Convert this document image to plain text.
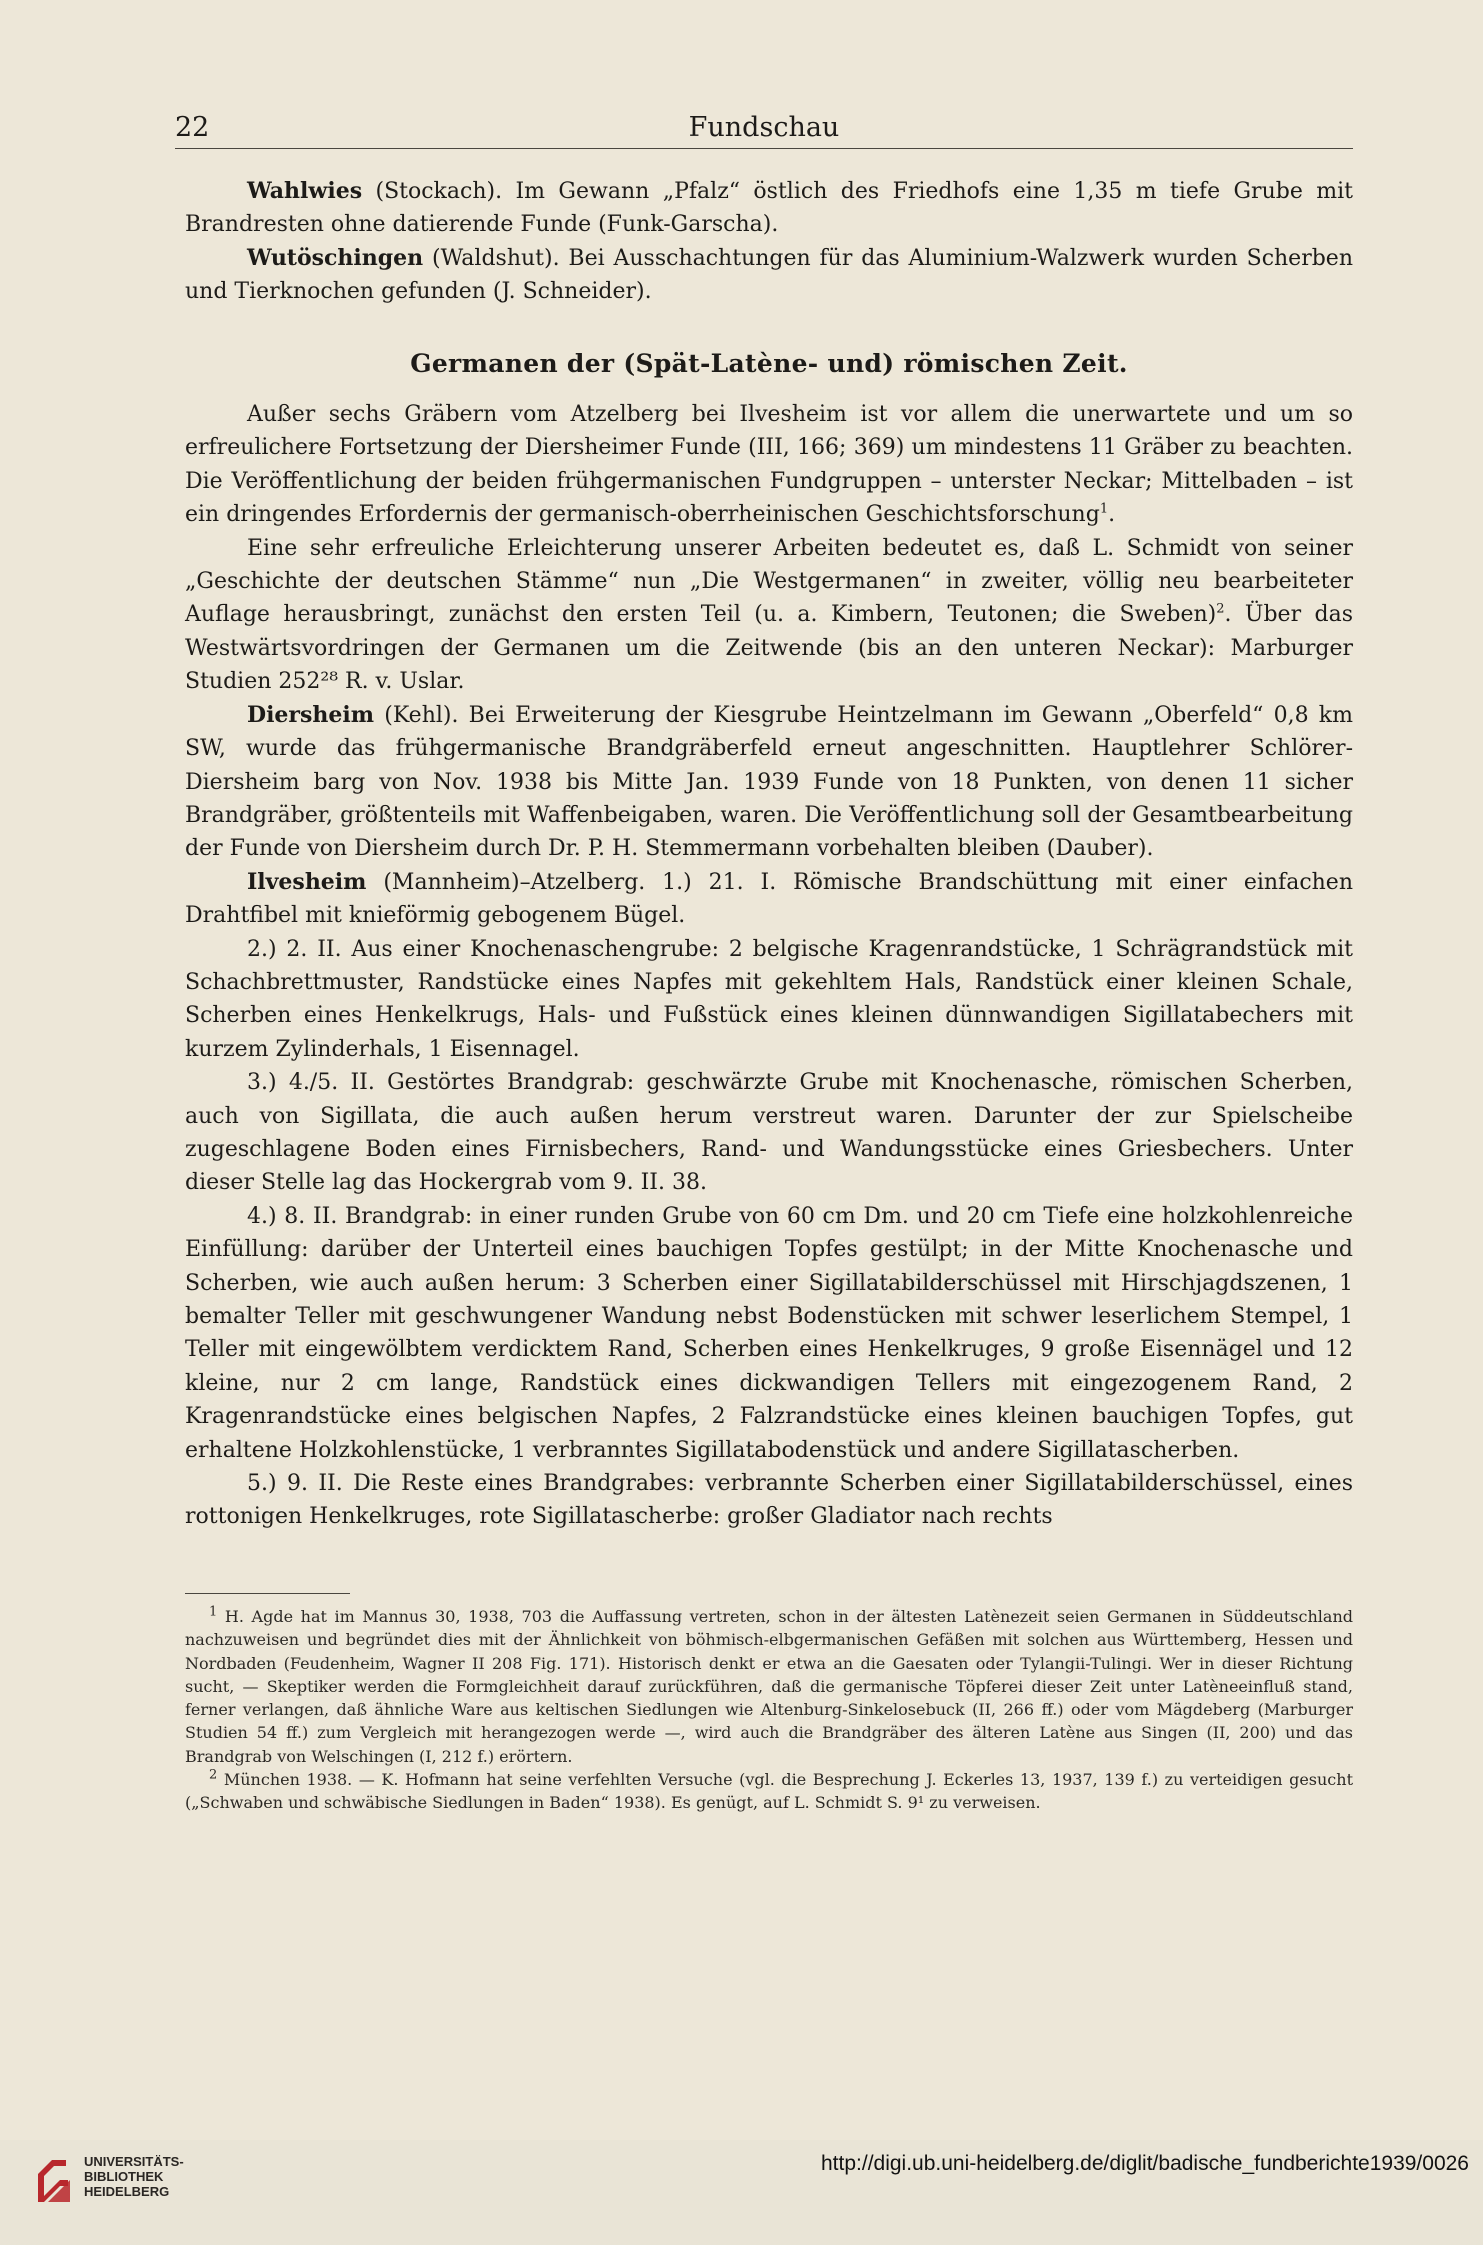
22	Fundschau

Wahlwies (Stockach). Im Gewann „Pfalz“ östlich des Friedhofs eine 1,35 m tiefe Grube mit Brandresten ohne datierende Funde (Funk-Garscha).

Wutöschingen (Waldshut). Bei Ausschachtungen für das Aluminium-Walzwerk wurden Scherben und Tierknochen gefunden (J. Schneider).

Germanen der (Spät-Latène- und) römischen Zeit.

Außer sechs Gräbern vom Atzelberg bei Ilvesheim ist vor allem die unerwartete und um so erfreulichere Fortsetzung der Diersheimer Funde (III, 166; 369) um mindestens 11 Gräber zu beachten. Die Veröffentlichung der beiden frühgermanischen Fundgruppen – unterster Neckar; Mittelbaden – ist ein dringendes Erfordernis der germanisch-oberrheinischen Geschichtsforschung$^1$.

Eine sehr erfreuliche Erleichterung unserer Arbeiten bedeutet es, daß L. Schmidt von seiner „Geschichte der deutschen Stämme“ nun „Die Westgermanen“ in zweiter, völlig neu bearbeiteter Auflage herausbringt, zunächst den ersten Teil (u. a. Kimbern, Teutonen; die Sweben)$^2$. Über das Westwärtsvordringen der Germanen um die Zeitwende (bis an den unteren Neckar): Marburger Studien 252²⁸ R. v. Uslar.

Diersheim (Kehl). Bei Erweiterung der Kiesgrube Heintzelmann im Gewann „Oberfeld“ 0,8 km SW, wurde das frühgermanische Brandgräberfeld erneut angeschnitten. Hauptlehrer Schlörer-Diersheim barg von Nov. 1938 bis Mitte Jan. 1939 Funde von 18 Punkten, von denen 11 sicher Brandgräber, größtenteils mit Waffenbeigaben, waren. Die Veröffentlichung soll der Gesamtbearbeitung der Funde von Diersheim durch Dr. P. H. Stemmermann vorbehalten bleiben (Dauber).

Ilvesheim (Mannheim)–Atzelberg. 1.) 21. I. Römische Brandschüttung mit einer einfachen Drahtfibel mit knieförmig gebogenem Bügel.

2.) 2. II. Aus einer Knochenaschengrube: 2 belgische Kragenrandstücke, 1 Schrägrandstück mit Schachbrettmuster, Randstücke eines Napfes mit gekehltem Hals, Randstück einer kleinen Schale, Scherben eines Henkelkrugs, Hals- und Fußstück eines kleinen dünnwandigen Sigillatabechers mit kurzem Zylinderhals, 1 Eisennagel.

3.) 4./5. II. Gestörtes Brandgrab: geschwärzte Grube mit Knochenasche, römischen Scherben, auch von Sigillata, die auch außen herum verstreut waren. Darunter der zur Spielscheibe zugeschlagene Boden eines Firnisbechers, Rand- und Wandungsstücke eines Griesbechers. Unter dieser Stelle lag das Hockergrab vom 9. II. 38.

4.) 8. II. Brandgrab: in einer runden Grube von 60 cm Dm. und 20 cm Tiefe eine holzkohlenreiche Einfüllung: darüber der Unterteil eines bauchigen Topfes gestülpt; in der Mitte Knochenasche und Scherben, wie auch außen herum: 3 Scherben einer Sigillatabilderschüssel mit Hirschjagdszenen, 1 bemalter Teller mit geschwungener Wandung nebst Bodenstücken mit schwer leserlichem Stempel, 1 Teller mit eingewölbtem verdicktem Rand, Scherben eines Henkelkruges, 9 große Eisennägel und 12 kleine, nur 2 cm lange, Randstück eines dickwandigen Tellers mit eingezogenem Rand, 2 Kragenrandstücke eines belgischen Napfes, 2 Falzrandstücke eines kleinen bauchigen Topfes, gut erhaltene Holzkohlenstücke, 1 verbranntes Sigillatabodenstück und andere Sigillatascherben.

5.) 9. II. Die Reste eines Brandgrabes: verbrannte Scherben einer Sigillatabilderschüssel, eines rottonigen Henkelkruges, rote Sigillatascherbe: großer Gladiator nach rechts

$^1$ H. Agde hat im Mannus 30, 1938, 703 die Auffassung vertreten, schon in der ältesten Latènezeit seien Germanen in Süddeutschland nachzuweisen und begründet dies mit der Ähnlichkeit von böhmisch-elbgermanischen Gefäßen mit solchen aus Württemberg, Hessen und Nordbaden (Feudenheim, Wagner II 208 Fig. 171). Historisch denkt er etwa an die Gaesaten oder Tylangii-Tulingi. Wer in dieser Richtung sucht, — Skeptiker werden die Formgleichheit darauf zurückführen, daß die germanische Töpferei dieser Zeit unter Latèneeinfluß stand, ferner verlangen, daß ähnliche Ware aus keltischen Siedlungen wie Altenburg-Sinkelosebuck (II, 266 ff.) oder vom Mägdeberg (Marburger Studien 54 ff.) zum Vergleich mit herangezogen werde —, wird auch die Brandgräber des älteren Latène aus Singen (II, 200) und das Brandgrab von Welschingen (I, 212 f.) erörtern.

$^2$ München 1938. — K. Hofmann hat seine verfehlten Versuche (vgl. die Besprechung J. Eckerles 13, 1937, 139 f.) zu verteidigen gesucht („Schwaben und schwäbische Siedlungen in Baden“ 1938). Es genügt, auf L. Schmidt S. 9¹ zu verweisen.

UNIVERSITÄTS-
BIBLIOTHEK
HEIDELBERG
http://digi.ub.uni-heidelberg.de/diglit/badische_fundberichte1939/0026
